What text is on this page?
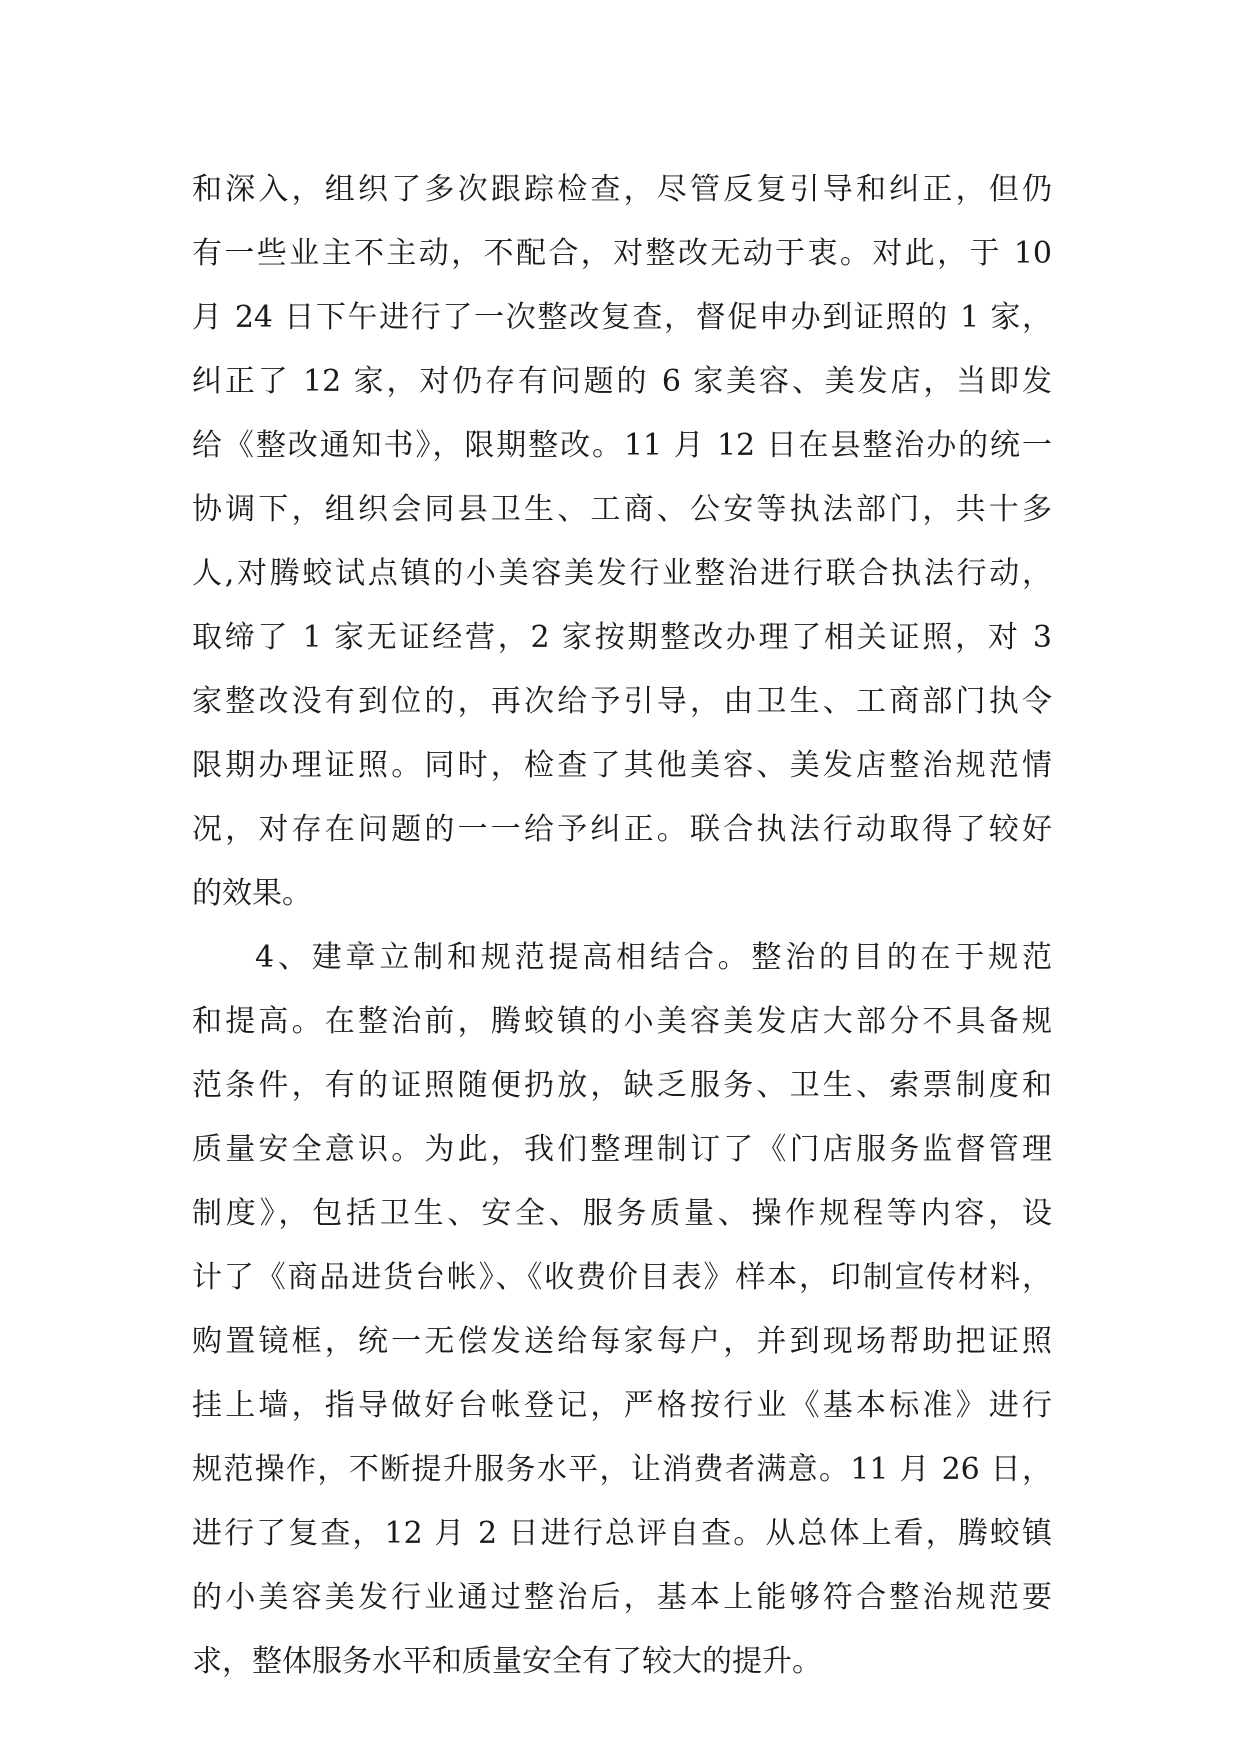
和深入，组织了多次跟踪检查，尽管反复引导和纠正，但仍
有一些业主不主动，不配合，对整改无动于衷。对此，于 10
月 24 日下午进行了一次整改复查，督促申办到证照的 1 家，
纠正了 12 家，对仍存有问题的 6 家美容、美发店，当即发
给《整改通知书》，限期整改。11 月 12 日在县整治办的统一
协调下，组织会同县卫生、工商、公安等执法部门，共十多
人,对腾蛟试点镇的小美容美发行业整治进行联合执法行动，
取缔了 1 家无证经营，2 家按期整改办理了相关证照，对 3
家整改没有到位的，再次给予引导，由卫生、工商部门执令
限期办理证照。同时，检查了其他美容、美发店整治规范情
况，对存在问题的一一给予纠正。联合执法行动取得了较好
的效果。
4、建章立制和规范提高相结合。整治的目的在于规范
和提高。在整治前，腾蛟镇的小美容美发店大部分不具备规
范条件，有的证照随便扔放，缺乏服务、卫生、索票制度和
质量安全意识。为此，我们整理制订了《门店服务监督管理
制度》，包括卫生、安全、服务质量、操作规程等内容，设
计了《商品进货台帐》、《收费价目表》样本，印制宣传材料，
购置镜框，统一无偿发送给每家每户，并到现场帮助把证照
挂上墙，指导做好台帐登记，严格按行业《基本标准》进行
规范操作，不断提升服务水平，让消费者满意。11 月 26 日，
进行了复查，12 月 2 日进行总评自查。从总体上看，腾蛟镇
的小美容美发行业通过整治后，基本上能够符合整治规范要
求，整体服务水平和质量安全有了较大的提升。
